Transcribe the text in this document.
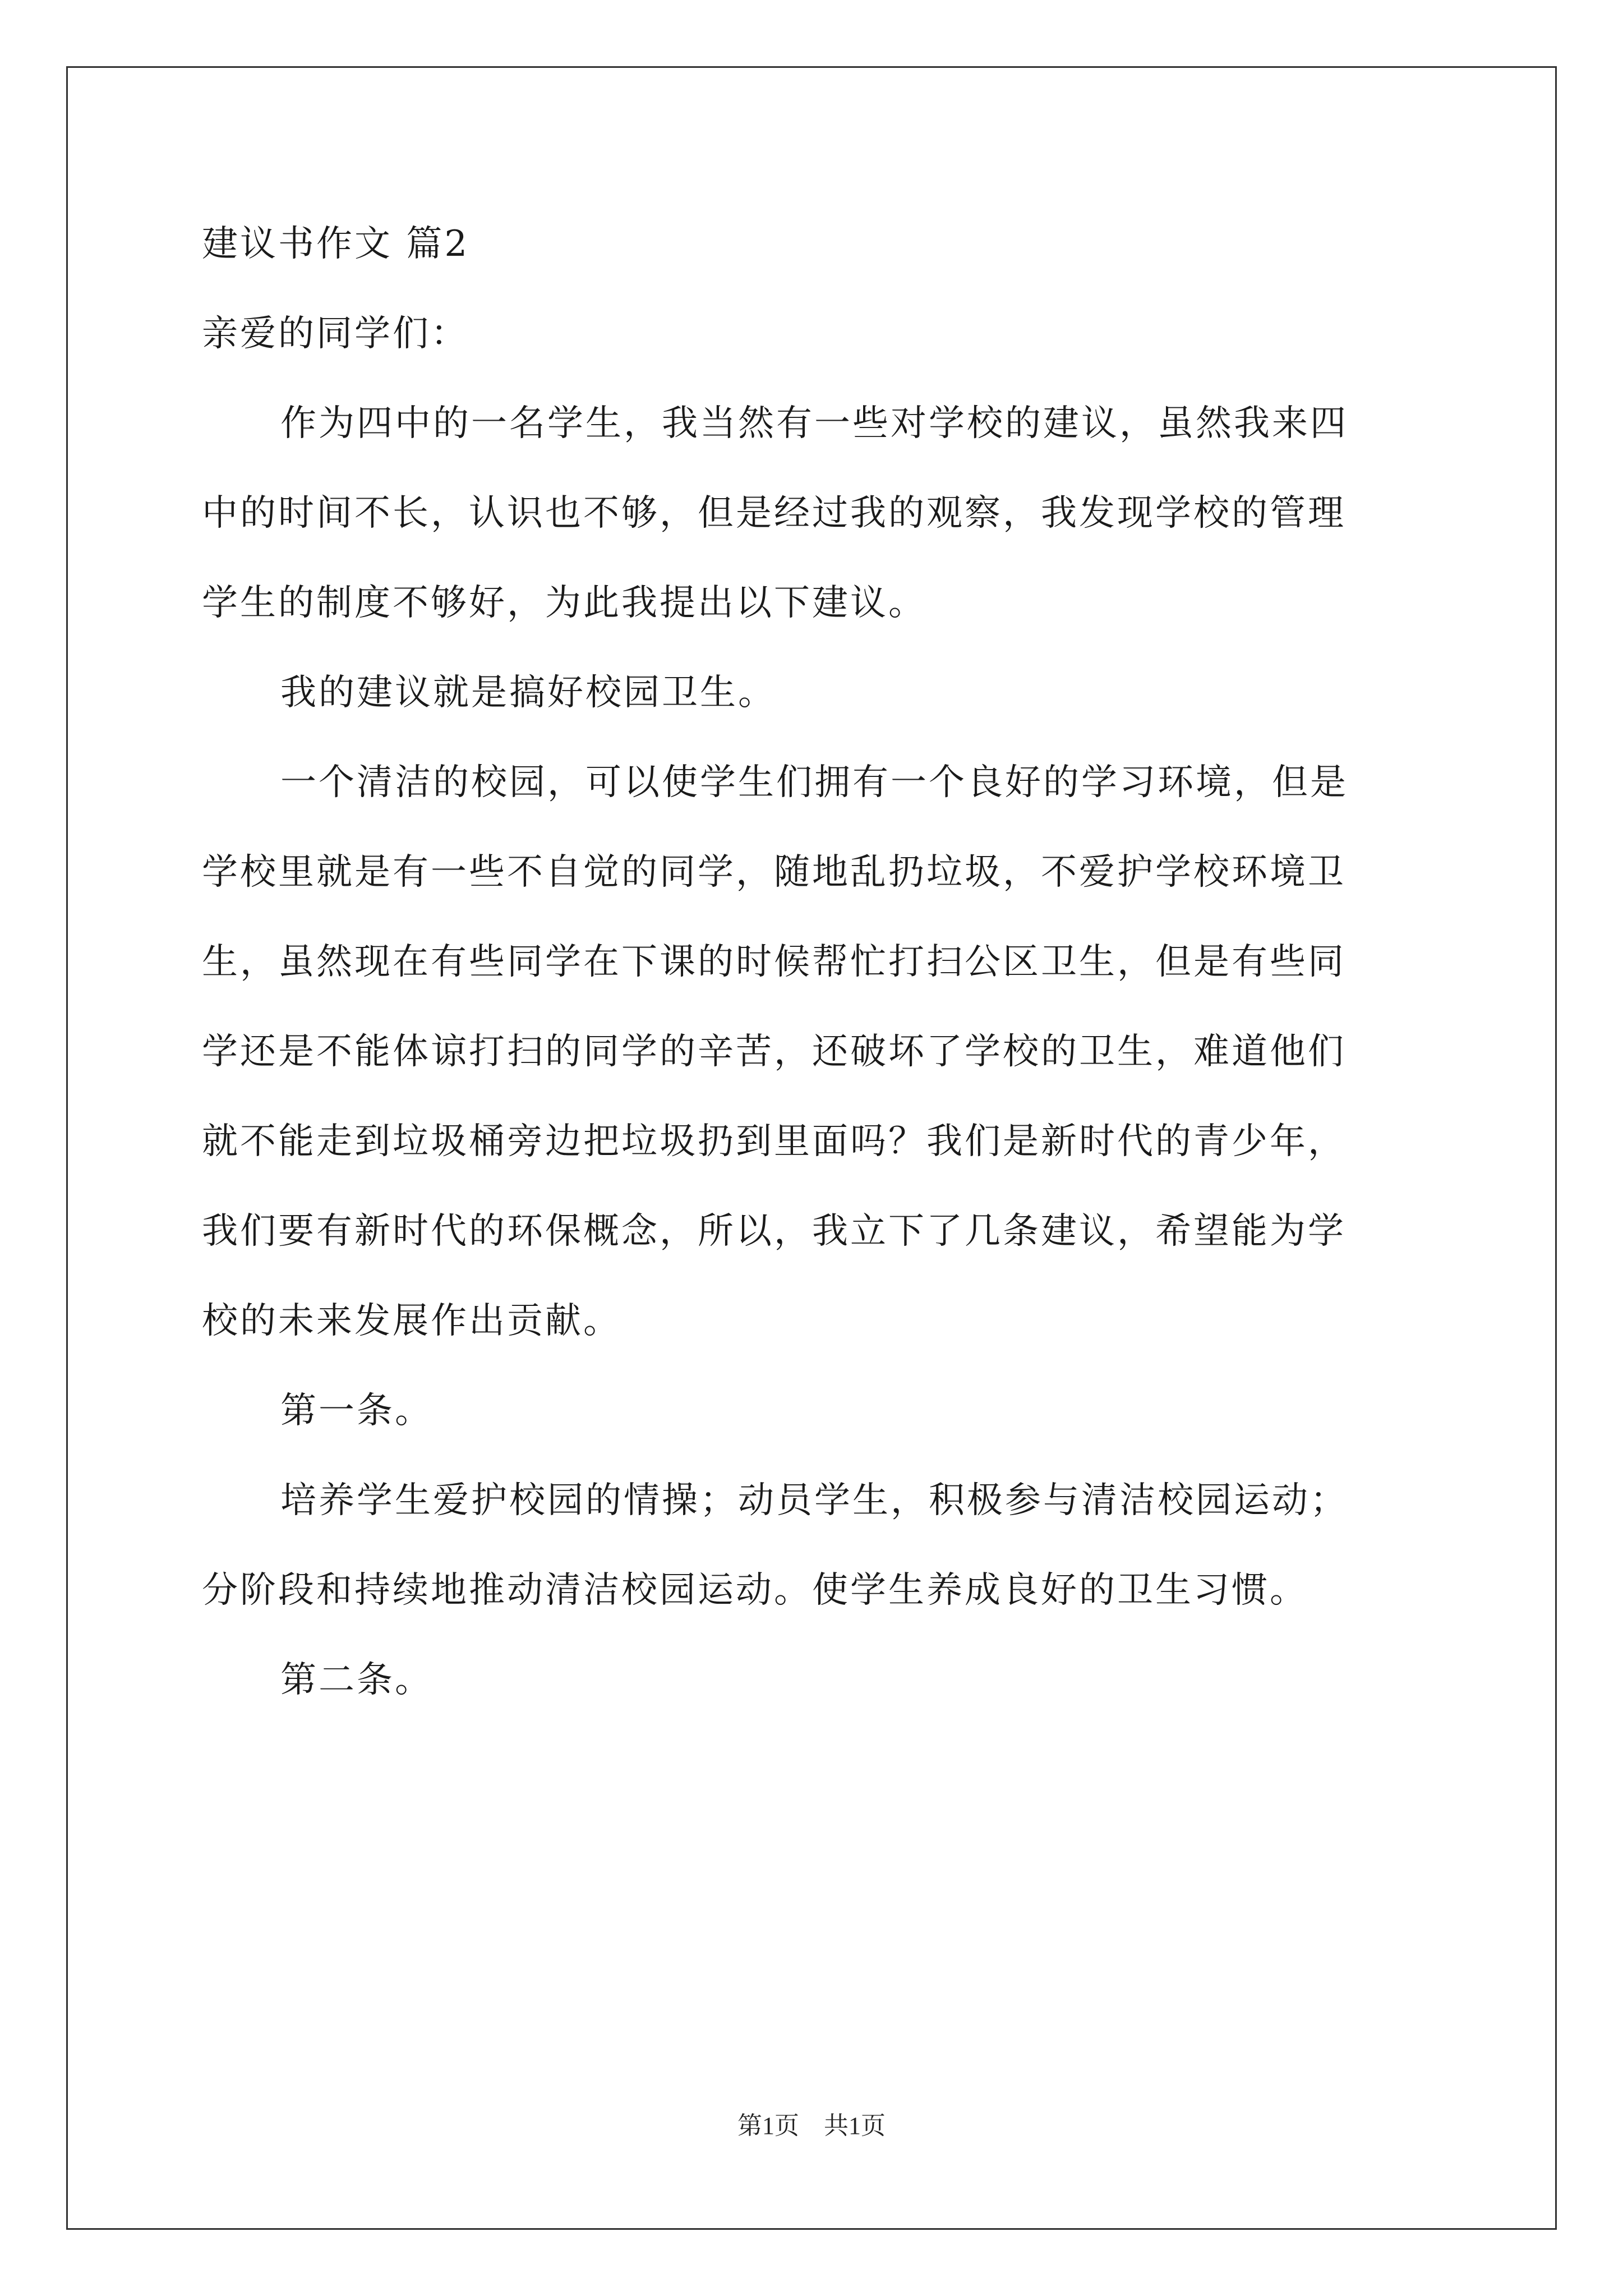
建议书作文 篇2
亲爱的同学们：
作为四中的一名学生，我当然有一些对学校的建议，虽然我来四
中的时间不长，认识也不够，但是经过我的观察，我发现学校的管理
学生的制度不够好，为此我提出以下建议。
我的建议就是搞好校园卫生。
一个清洁的校园，可以使学生们拥有一个良好的学习环境，但是
学校里就是有一些不自觉的同学，随地乱扔垃圾，不爱护学校环境卫
生，虽然现在有些同学在下课的时候帮忙打扫公区卫生，但是有些同
学还是不能体谅打扫的同学的辛苦，还破坏了学校的卫生，难道他们
就不能走到垃圾桶旁边把垃圾扔到里面吗？我们是新时代的青少年，
我们要有新时代的环保概念，所以，我立下了几条建议，希望能为学
校的未来发展作出贡献。
第一条。
培养学生爱护校园的情操；动员学生，积极参与清洁校园运动；
分阶段和持续地推动清洁校园运动。使学生养成良好的卫生习惯。
第二条。
第1页　共1页
